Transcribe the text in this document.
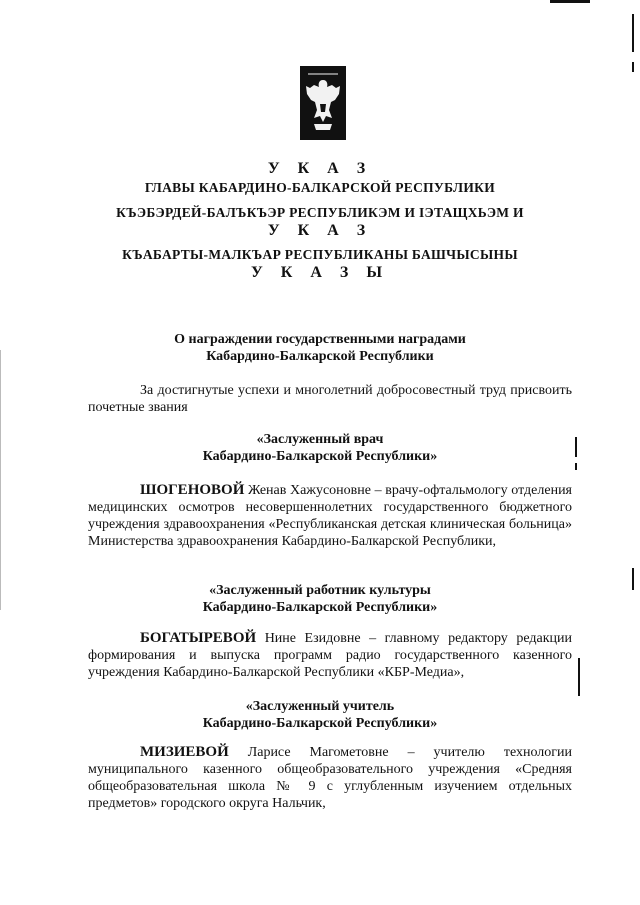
У К А З
ГЛАВЫ КАБАРДИНО-БАЛКАРСКОЙ РЕСПУБЛИКИ
КЪЭБЭРДЕЙ-БАЛЪКЪЭР РЕСПУБЛИКЭМ И ІЭТАЩХЬЭМ И
У К А З
КЪАБАРТЫ-МАЛКЪАР РЕСПУБЛИКАНЫ БАШЧЫСЫНЫ
У К А З Ы
О награждении государственными наградами
Кабардино-Балкарской Республики
За достигнутые успехи и многолетний добросовестный труд присвоить почетные звания
«Заслуженный врач
Кабардино-Балкарской Республики»
ШОГЕНОВОЙ Женав Хажусоновне – врачу-офтальмологу отделения медицинских осмотров несовершеннолетних государственного бюджетного учреждения здравоохранения «Республиканская детская клиническая больница» Министерства здравоохранения Кабардино-Балкарской Республики,
«Заслуженный работник культуры
Кабардино-Балкарской Республики»
БОГАТЫРЕВОЙ Нине Езидовне – главному редактору редакции формирования и выпуска программ радио государственного казенного учреждения Кабардино-Балкарской Республики «КБР-Медиа»,
«Заслуженный учитель
Кабардино-Балкарской Республики»
МИЗИЕВОЙ Ларисе Магометовне – учителю технологии муниципального казенного общеобразовательного учреждения «Средняя общеобразовательная школа № 9 с углубленным изучением отдельных предметов» городского округа Нальчик,
